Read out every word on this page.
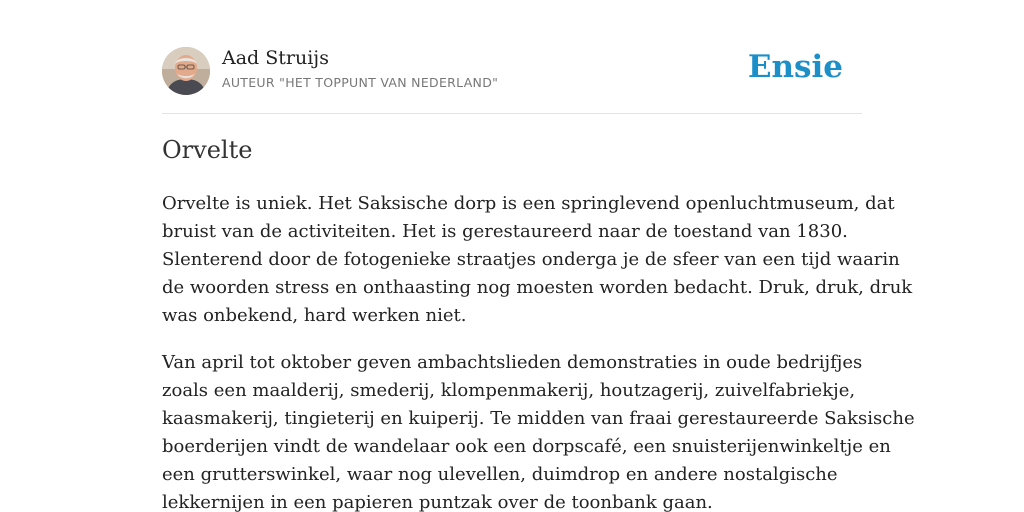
Aad Struijs
AUTEUR "HET TOPPUNT VAN NEDERLAND"	Ensie
Orvelte

Orvelte is uniek. Het Saksische dorp is een springlevend openluchtmuseum, dat
bruist van de activiteiten. Het is gerestaureerd naar de toestand van 1830.
Slenterend door de fotogenieke straatjes onderga je de sfeer van een tijd waarin
de woorden stress en onthaasting nog moesten worden bedacht. Druk, druk, druk
was onbekend, hard werken niet.

Van april tot oktober geven ambachtslieden demonstraties in oude bedrijfjes
zoals een maalderij, smederij, klompenmakerij, houtzagerij, zuivelfabriekje,
kaasmakerij, tingieterij en kuiperij. Te midden van fraai gerestaureerde Saksische
boerderijen vindt de wandelaar ook een dorpscafé, een snuisterijenwinkeltje en
een grutterswinkel, waar nog ulevellen, duimdrop en andere nostalgische
lekkernijen in een papieren puntzak over de toonbank gaan.
